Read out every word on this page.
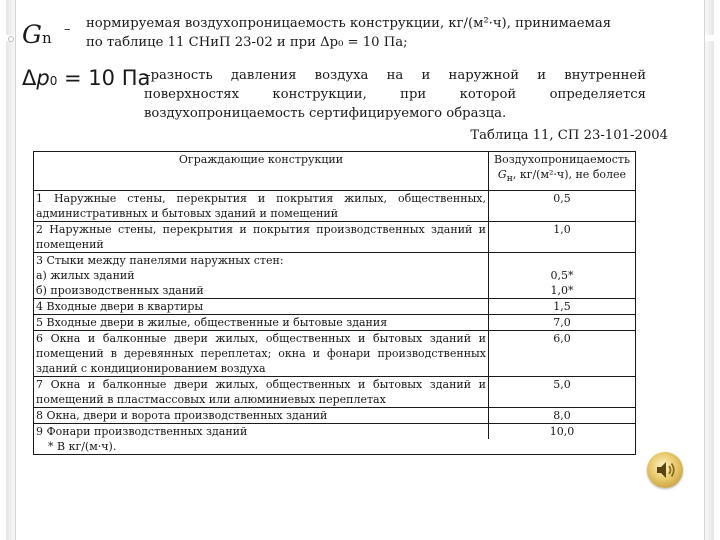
Gn – нормируемая воздухопроницаемость конструкции, кг/(м²·ч), принимаемая
по таблице 11 СНиП 23-02 и при Δp₀ = 10 Па;
Δp0 = 10 Па
–разность давления воздуха на и наружной и внутренней
поверхностях конструкции, при которой определяется
воздухопроницаемость сертифицируемого образца.
Таблица 11, СП 23-101-2004
Ограждающие конструкции	Воздухопроницаемость
$G_н$, кг/(м²·ч), не более

1 Наружные стены, перекрытия и покрытия жилых, общественных, административных и бытовых зданий и помещений	0,5
2 Наружные стены, перекрытия и покрытия производственных зданий и помещений	1,0
3 Стыки между панелями наружных стен:	
а) жилых зданий	0,5*
б) производственных зданий	1,0*
4 Входные двери в квартиры	1,5
5 Входные двери в жилые, общественные и бытовые здания	7,0
6 Окна и балконные двери жилых, общественных и бытовых зданий и помещений в деревянных переплетах; окна и фонари производственных зданий с кондиционированием воздуха	6,0
7 Окна и балконные двери жилых, общественных и бытовых зданий и помещений в пластмассовых или алюминиевых переплетах	5,0
8 Окна, двери и ворота производственных зданий	8,0
9 Фонари производственных зданий	10,0
* В кг/(м·ч).	
